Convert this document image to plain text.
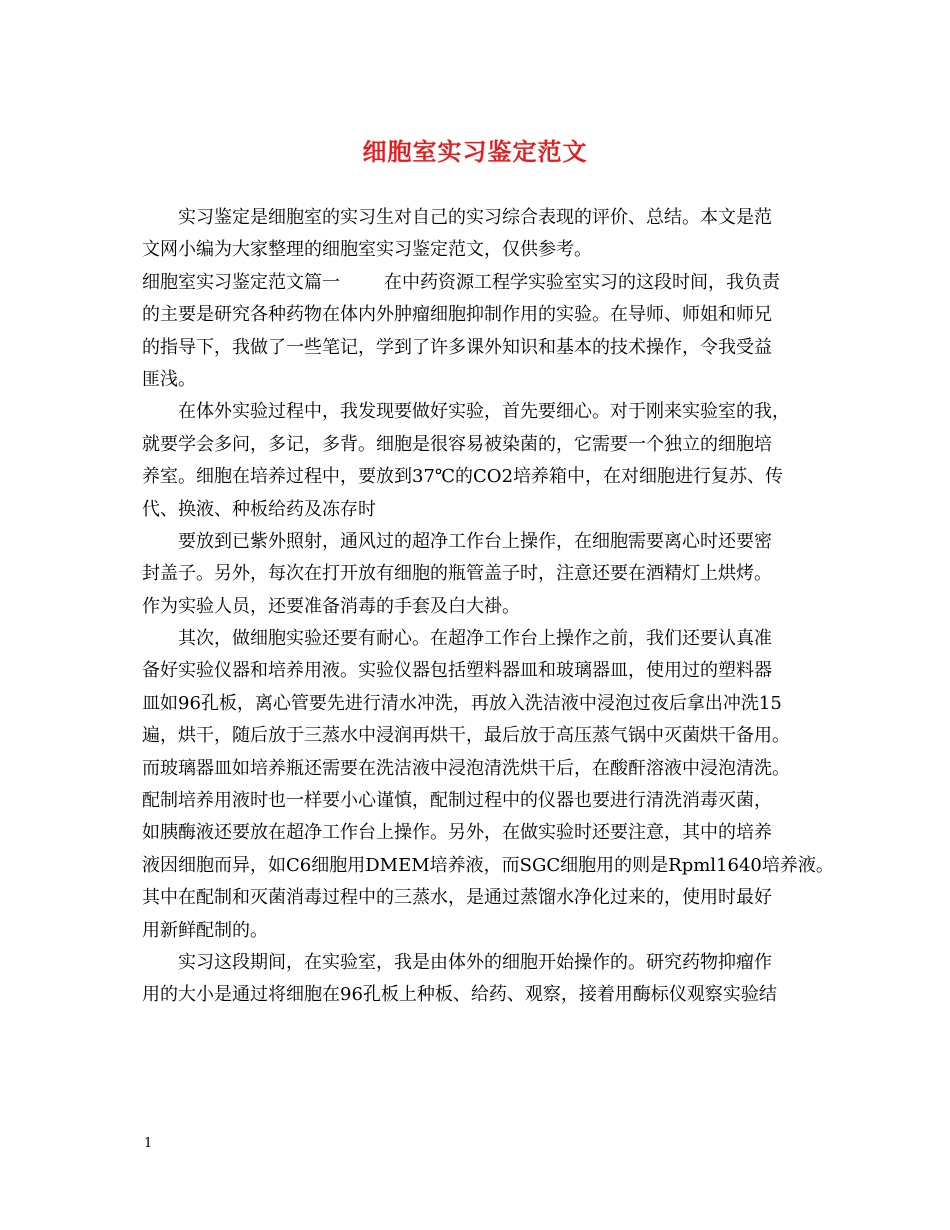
细胞室实习鉴定范文
实习鉴定是细胞室的实习生对自己的实习综合表现的评价、总结。本文是范
文网小编为大家整理的细胞室实习鉴定范文，仅供参考。
细胞室实习鉴定范文篇一 在中药资源工程学实验室实习的这段时间，我负责
的主要是研究各种药物在体内外肿瘤细胞抑制作用的实验。在导师、师姐和师兄
的指导下，我做了一些笔记，学到了许多课外知识和基本的技术操作，令我受益
匪浅。
在体外实验过程中，我发现要做好实验，首先要细心。对于刚来实验室的我，
就要学会多问，多记，多背。细胞是很容易被染菌的，它需要一个独立的细胞培
养室。细胞在培养过程中，要放到37℃的CO2培养箱中，在对细胞进行复苏、传
代、换液、种板给药及冻存时
要放到已紫外照射，通风过的超净工作台上操作，在细胞需要离心时还要密
封盖子。另外，每次在打开放有细胞的瓶管盖子时，注意还要在酒精灯上烘烤。
作为实验人员，还要准备消毒的手套及白大褂。
其次，做细胞实验还要有耐心。在超净工作台上操作之前，我们还要认真准
备好实验仪器和培养用液。实验仪器包括塑料器皿和玻璃器皿，使用过的塑料器
皿如96孔板，离心管要先进行清水冲洗，再放入洗洁液中浸泡过夜后拿出冲洗15
遍，烘干，随后放于三蒸水中浸润再烘干，最后放于高压蒸气锅中灭菌烘干备用。
而玻璃器皿如培养瓶还需要在洗洁液中浸泡清洗烘干后，在酸酐溶液中浸泡清洗。
配制培养用液时也一样要小心谨慎，配制过程中的仪器也要进行清洗消毒灭菌，
如胰酶液还要放在超净工作台上操作。另外，在做实验时还要注意，其中的培养
液因细胞而异，如C6细胞用DMEM培养液，而SGC细胞用的则是Rpml1640培养液。
其中在配制和灭菌消毒过程中的三蒸水，是通过蒸馏水净化过来的，使用时最好
用新鲜配制的。
实习这段期间，在实验室，我是由体外的细胞开始操作的。研究药物抑瘤作
用的大小是通过将细胞在96孔板上种板、给药、观察，接着用酶标仪观察实验结
1
